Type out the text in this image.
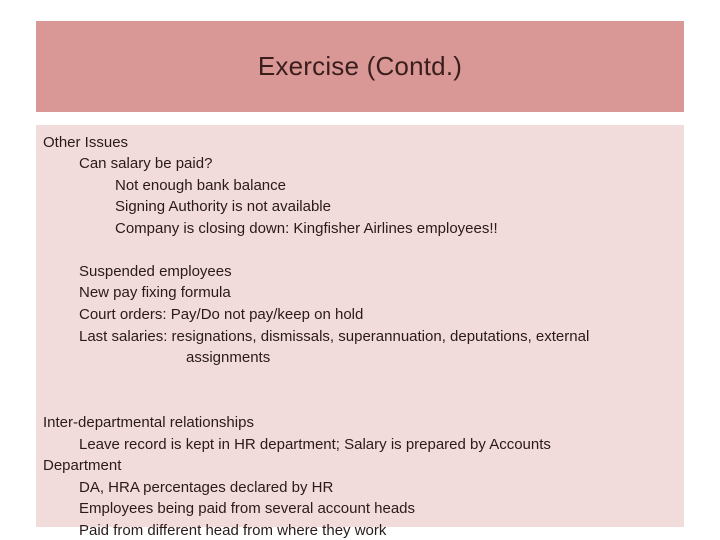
Exercise (Contd.)
Other Issues
Can salary be paid?
Not enough bank balance
Signing Authority is not available
Company is closing down: Kingfisher Airlines employees!!
Suspended employees
New pay fixing formula
Court orders: Pay/Do not pay/keep on hold
Last salaries: resignations, dismissals, superannuation, deputations, external
assignments
Inter-departmental relationships
Leave record is kept in HR department; Salary is prepared by Accounts
Department
DA, HRA percentages declared by HR
Employees being paid from several account heads
Paid from different head from where they work
